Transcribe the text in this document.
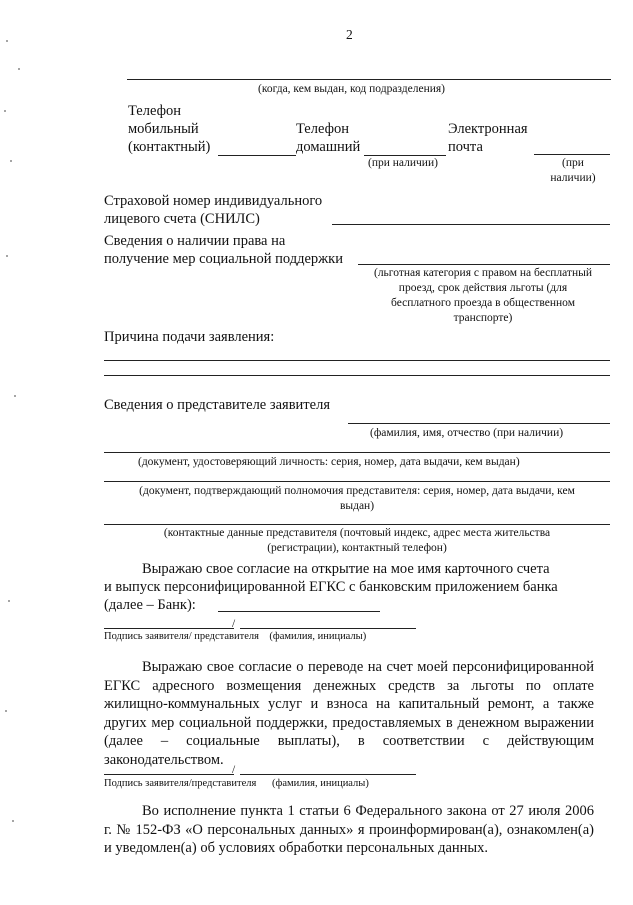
2
(когда, кем выдан, код подразделения)
Телефон
мобильный
(контактный)
Телефон
домашний
(при наличии)
Электронная
почта
(при
наличии)
Страховой номер индивидуального
лицевого счета (СНИЛС)
Сведения о наличии права на
получение мер социальной поддержки
(льготная категория с правом на бесплатный
проезд, срок действия льготы (для
бесплатного проезда в общественном
транспорте)
Причина подачи заявления:
Сведения о представителе заявителя
(фамилия, имя, отчество (при наличии)
(документ, удостоверяющий личность: серия, номер, дата выдачи, кем выдан)
(документ, подтверждающий полномочия представителя: серия, номер, дата выдачи, кем
выдан)
(контактные данные представителя (почтовый индекс, адрес места жительства
(регистрации), контактный телефон)
Выражаю свое согласие на открытие на мое имя карточного счета
и выпуск персонифицированной ЕГКС с банковским приложением банка
(далее – Банк):
/
Подпись заявителя/ представителя    (фамилия, инициалы)
Выражаю свое согласие о переводе на счет моей персонифицированной ЕГКС адресного возмещения денежных средств за льготы по оплате жилищно-коммунальных услуг и взноса на капитальный ремонт, а также других мер социальной поддержки, предоставляемых в денежном выражении (далее – социальные выплаты), в соответствии с действующим законодательством.
/
Подпись заявителя/представителя      (фамилия, инициалы)
Во исполнение пункта 1 статьи 6 Федерального закона от 27 июля 2006 г. № 152-ФЗ «О персональных данных» я проинформирован(а), ознакомлен(а) и уведомлен(а) об условиях обработки персональных данных.
